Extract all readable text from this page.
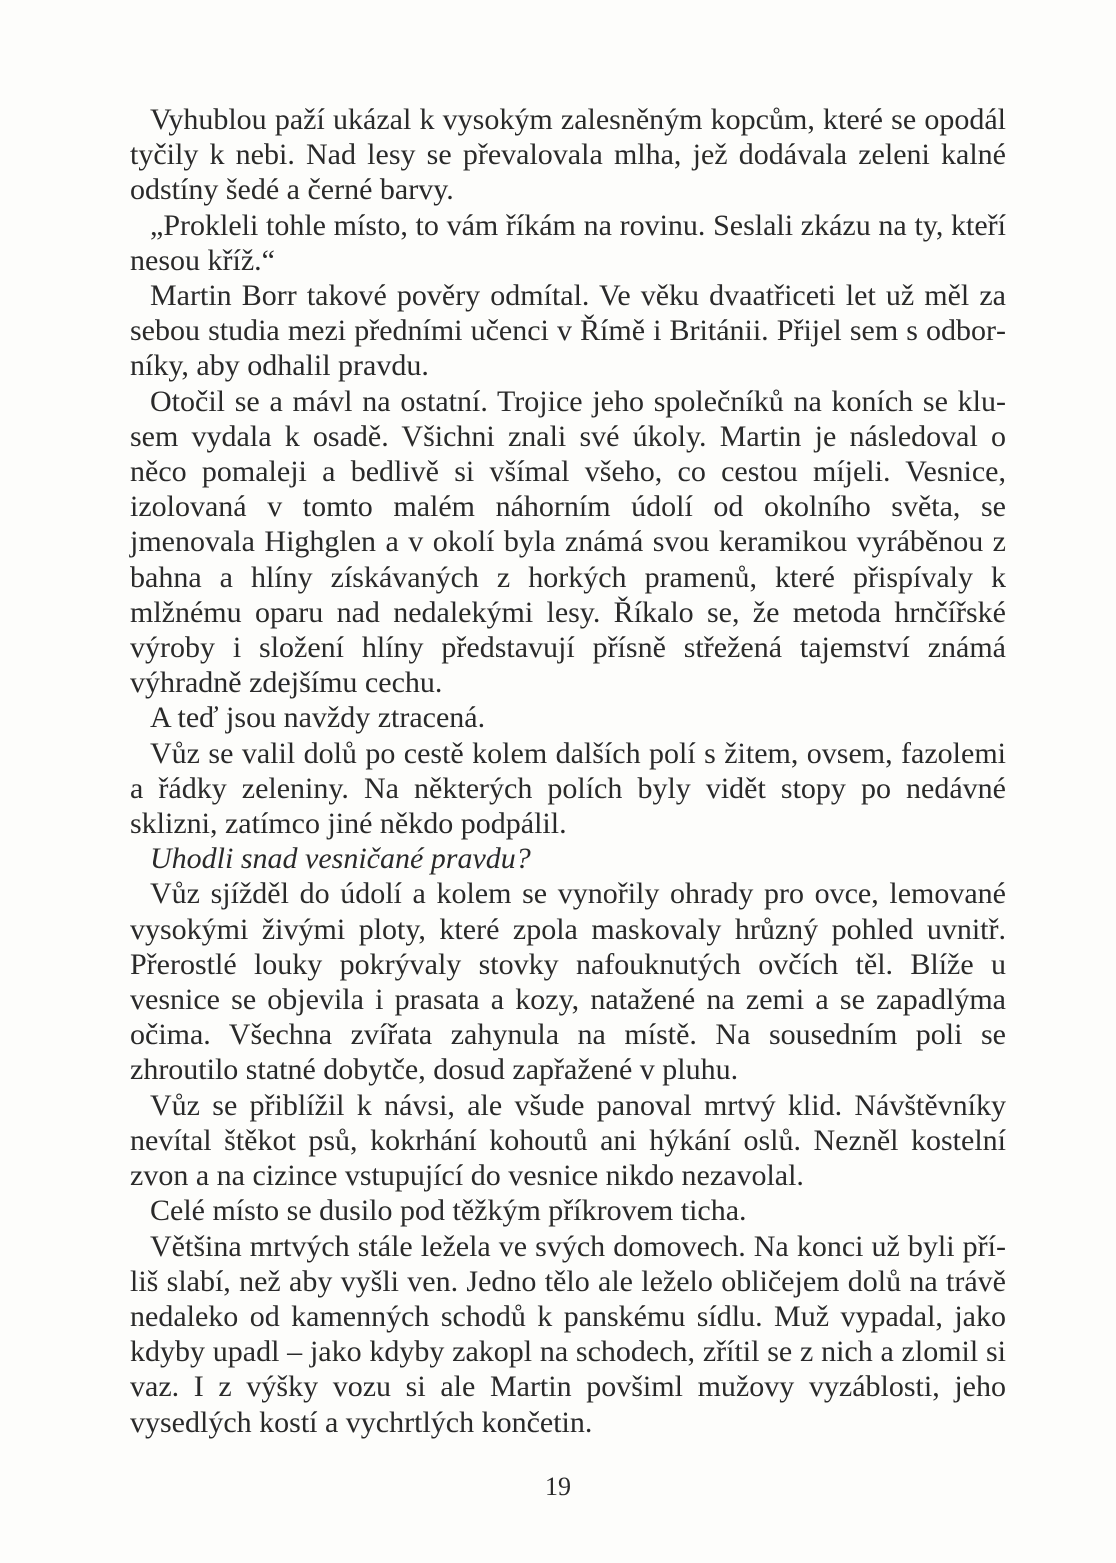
Vyhublou paží ukázal k vysokým zalesněným kopcům, které se opodál tyčily k nebi. Nad lesy se převalovala mlha, jež dodávala zeleni kalné odstíny šedé a černé barvy.

„Prokleli tohle místo, to vám říkám na rovinu. Seslali zkázu na ty, kteří nesou kříž.“

Martin Borr takové pověry odmítal. Ve věku dvaatřiceti let už měl za sebou studia mezi předními učenci v Římě i Británii. Přijel sem s odborníky, aby odhalil pravdu.

Otočil se a mávl na ostatní. Trojice jeho společníků na koních se klusem vydala k osadě. Všichni znali své úkoly. Martin je následoval o něco pomaleji a bedlivě si všímal všeho, co cestou míjeli. Vesnice, izolovaná v tomto malém náhorním údolí od okolního světa, se jmenovala Highglen a v okolí byla známá svou keramikou vyráběnou z bahna a hlíny získávaných z horkých pramenů, které přispívaly k mlžnému oparu nad nedalekými lesy. Říkalo se, že metoda hrnčířské výroby i složení hlíny představují přísně střežená tajemství známá výhradně zdejšímu cechu.

A teď jsou navždy ztracená.

Vůz se valil dolů po cestě kolem dalších polí s žitem, ovsem, fazolemi a řádky zeleniny. Na některých polích byly vidět stopy po nedávné sklizni, zatímco jiné někdo podpálil.

Uhodli snad vesničané pravdu?

Vůz sjížděl do údolí a kolem se vynořily ohrady pro ovce, lemované vysokými živými ploty, které zpola maskovaly hrůzný pohled uvnitř. Přerostlé louky pokrývaly stovky nafouknutých ovčích těl. Blíže u vesnice se objevila i prasata a kozy, natažené na zemi a se zapadlýma očima. Všechna zvířata zahynula na místě. Na sousedním poli se zhroutilo statné dobytče, dosud zapřažené v pluhu.

Vůz se přiblížil k návsi, ale všude panoval mrtvý klid. Návštěvníky nevítal štěkot psů, kokrhání kohoutů ani hýkání oslů. Nezněl kostelní zvon a na cizince vstupující do vesnice nikdo nezavolal.

Celé místo se dusilo pod těžkým příkrovem ticha.

Většina mrtvých stále ležela ve svých domovech. Na konci už byli příliš slabí, než aby vyšli ven. Jedno tělo ale leželo obličejem dolů na trávě nedaleko od kamenných schodů k panskému sídlu. Muž vypadal, jako kdyby upadl – jako kdyby zakopl na schodech, zřítil se z nich a zlomil si vaz. I z výšky vozu si ale Martin povšiml mužovy vyzáblosti, jeho vysedlých kostí a vychrtlých končetin.

19
